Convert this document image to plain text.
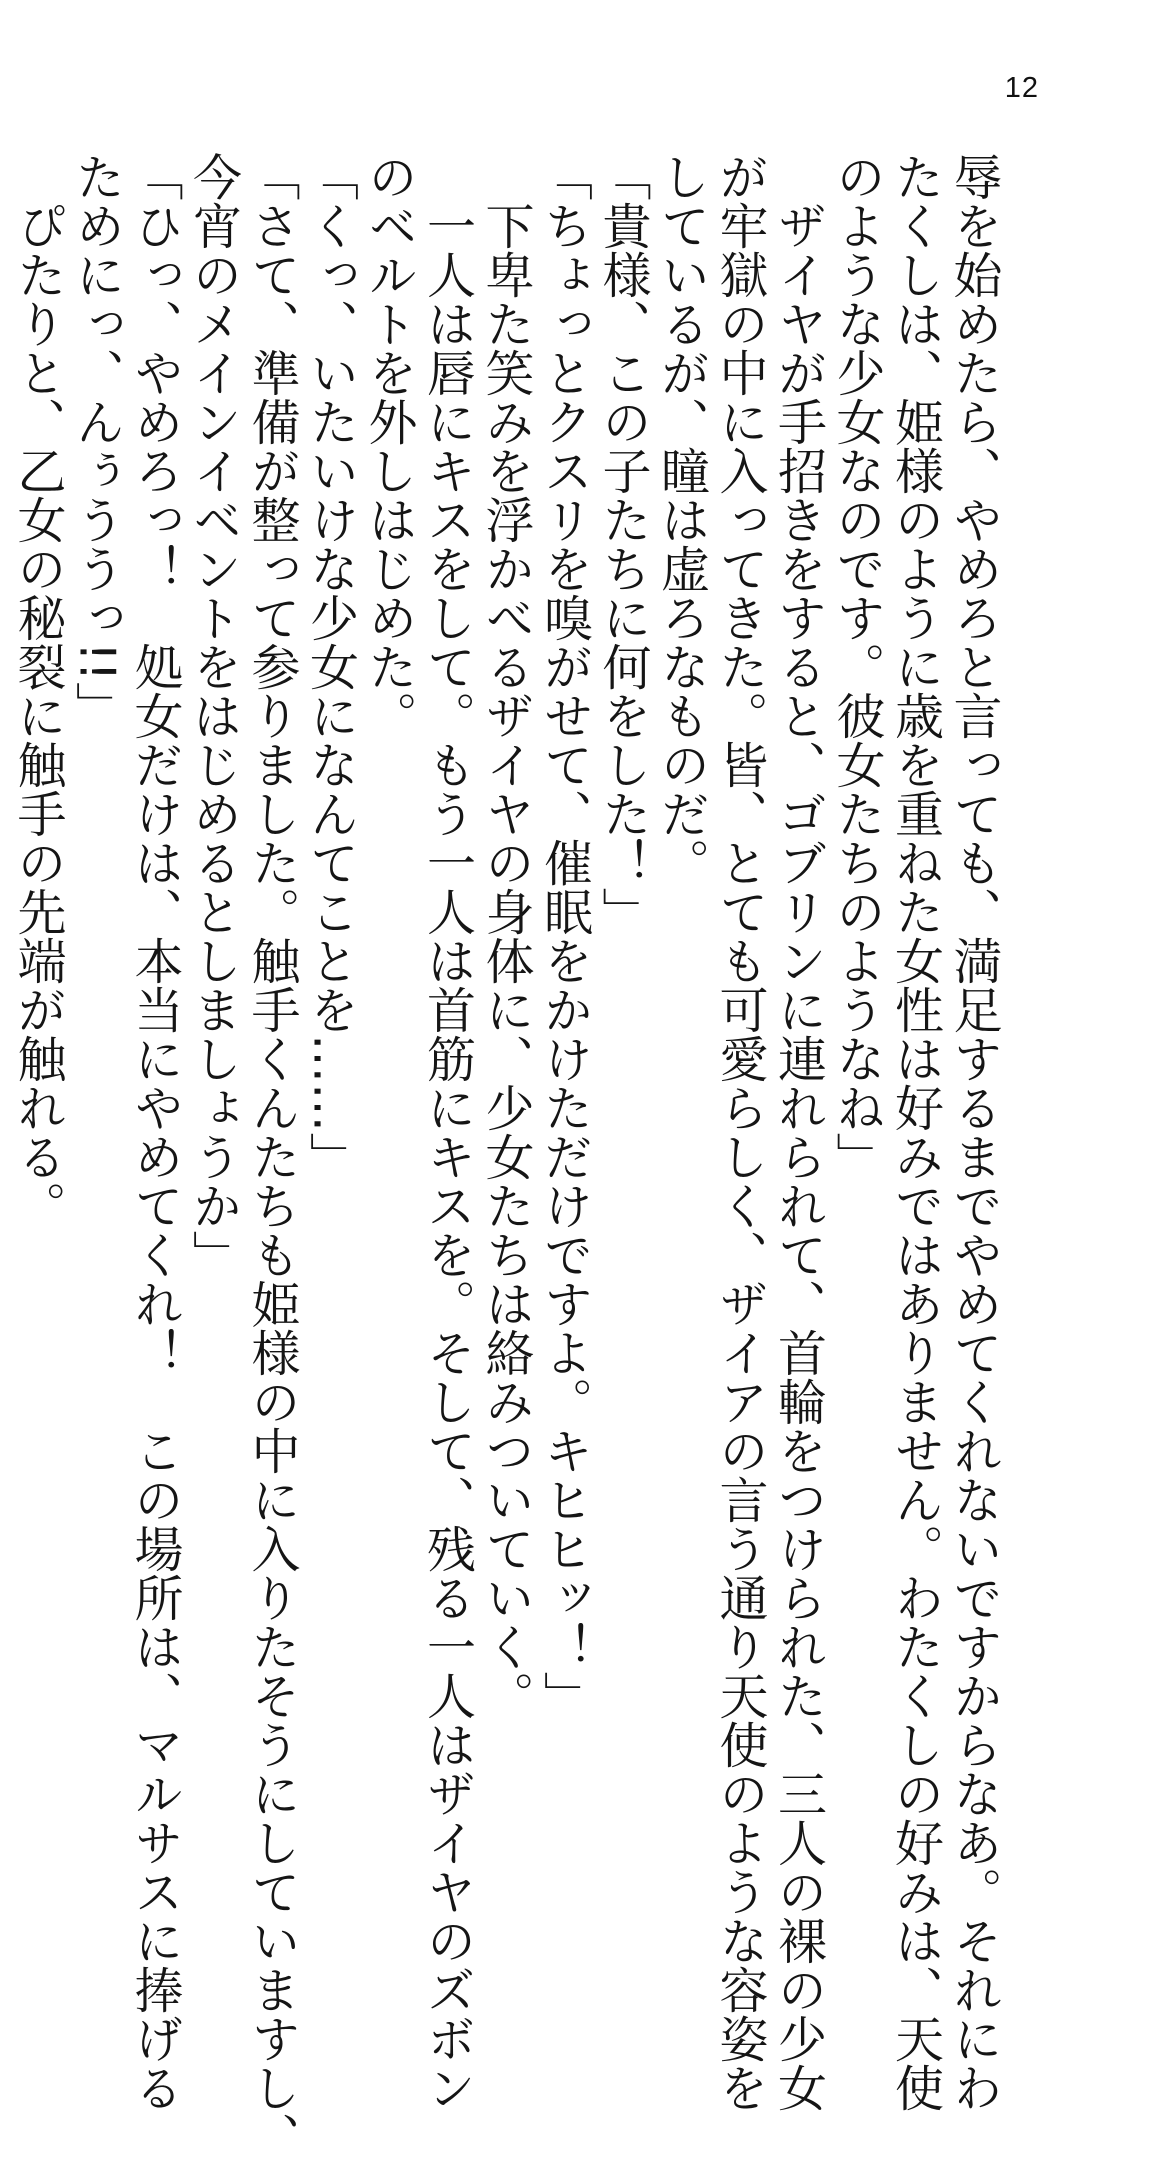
12

辱を始めたら、やめろと言っても、満足するまでやめてくれないですからなあ。それにわ

たくしは、姫様のように歳を重ねた女性は好みではありません。わたくしの好みは、天使

のような少女なのです。彼女たちのようなね」

　ザイヤが手招きをすると、ゴブリンに連れられて、首輪をつけられた、三人の裸の少女

が牢獄の中に入ってきた。皆、とても可愛らしく、ザイアの言う通り天使のような容姿を

しているが、瞳は虚ろなものだ。

「貴様、この子たちに何をした！」

「ちょっとクスリを嗅がせて、催眠をかけただけですよ。キヒヒッ！」

　下卑た笑みを浮かべるザイヤの身体に、少女たちは絡みついていく。

　一人は唇にキスをして。もう一人は首筋にキスを。そして、残る一人はザイヤのズボン

のベルトを外しはじめた。

「くっ、いたいけな少女になんてことを……」

「さて、準備が整って参りました。触手くんたちも姫様の中に入りたそうにしていますし、

今宵のメインイベントをはじめるとしましょうか」

「ひっ、やめろっ！　処女だけは、本当にやめてくれ！　この場所は、マルサスに捧げる

ためにっ、んぅううっ!!」

　ぴたりと、乙女の秘裂に触手の先端が触れる。
